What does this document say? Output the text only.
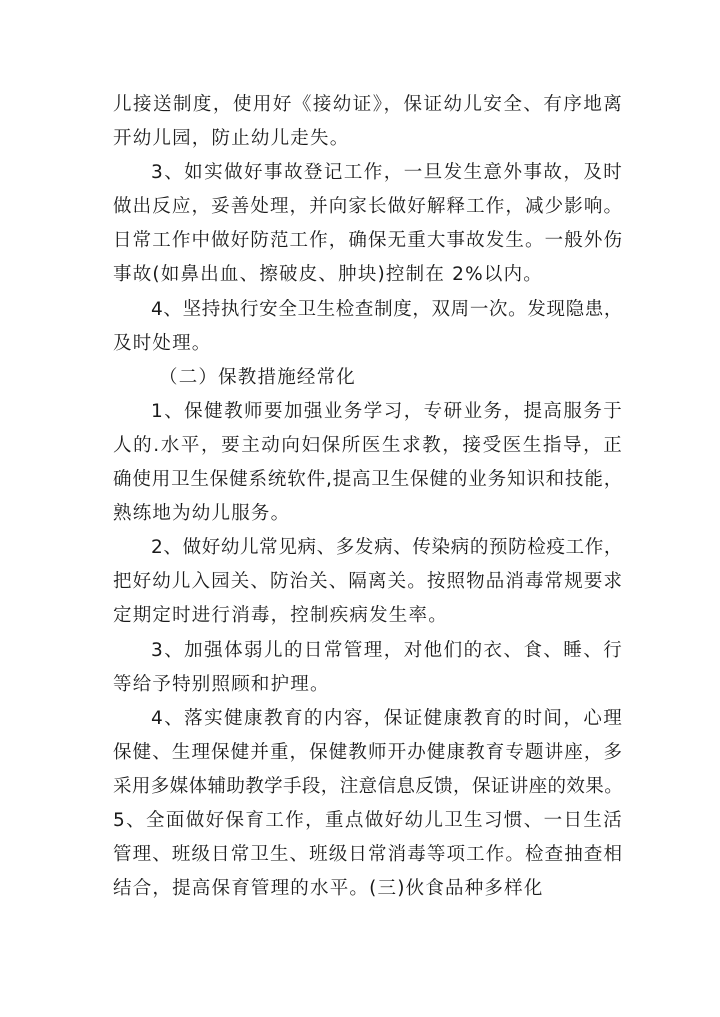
儿接送制度，使用好《接幼证》，保证幼儿安全、有序地离
开幼儿园，防止幼儿走失。
3、如实做好事故登记工作，一旦发生意外事故，及时
做出反应，妥善处理，并向家长做好解释工作，减少影响。
日常工作中做好防范工作，确保无重大事故发生。一般外伤
事故(如鼻出血、擦破皮、肿块)控制在 2%以内。
4、坚持执行安全卫生检查制度，双周一次。发现隐患，
及时处理。
（二）保教措施经常化
1、保健教师要加强业务学习，专研业务，提高服务于
人的.水平，要主动向妇保所医生求教，接受医生指导，正
确使用卫生保健系统软件,提高卫生保健的业务知识和技能，
熟练地为幼儿服务。
2、做好幼儿常见病、多发病、传染病的预防检疫工作，
把好幼儿入园关、防治关、隔离关。按照物品消毒常规要求
定期定时进行消毒，控制疾病发生率。
3、加强体弱儿的日常管理，对他们的衣、食、睡、行
等给予特别照顾和护理。
4、落实健康教育的内容，保证健康教育的时间，心理
保健、生理保健并重，保健教师开办健康教育专题讲座，多
采用多媒体辅助教学手段，注意信息反馈，保证讲座的效果。
5、全面做好保育工作，重点做好幼儿卫生习惯、一日生活
管理、班级日常卫生、班级日常消毒等项工作。检查抽查相
结合，提高保育管理的水平。(三)伙食品种多样化
